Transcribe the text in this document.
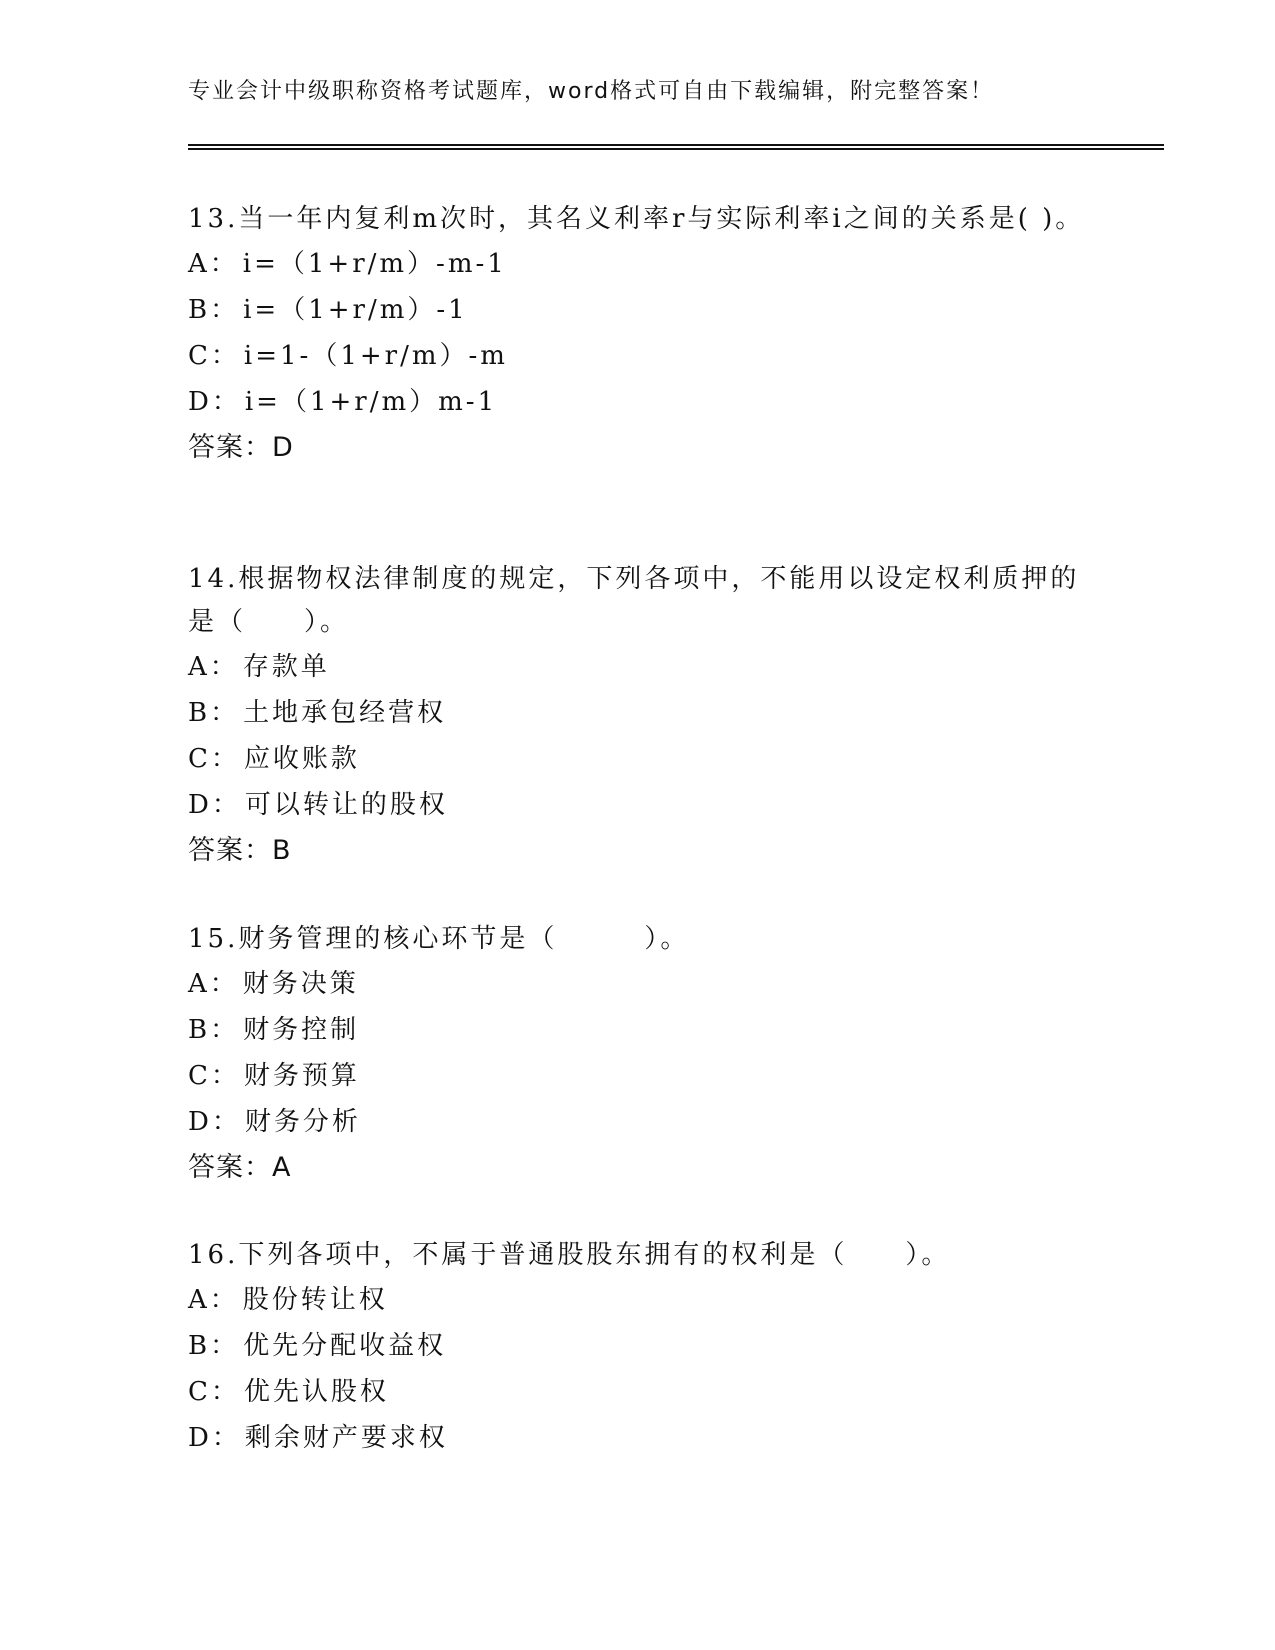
专业会计中级职称资格考试题库，word格式可自由下载编辑，附完整答案！
13.当一年内复利m次时，其名义利率r与实际利率i之间的关系是( )。
A： i=（1+r/m）-m-1
B： i=（1+r/m）-1
C： i=1-（1+r/m）-m
D： i=（1+r/m）m-1
答案：D
14.根据物权法律制度的规定，下列各项中，不能用以设定权利质押的是（　　）。
A： 存款单
B： 土地承包经营权
C： 应收账款
D： 可以转让的股权
答案：B
15.财务管理的核心环节是（　　　）。
A： 财务决策
B： 财务控制
C： 财务预算
D： 财务分析
答案：A
16.下列各项中，不属于普通股股东拥有的权利是（　　）。
A： 股份转让权
B： 优先分配收益权
C： 优先认股权
D： 剩余财产要求权
